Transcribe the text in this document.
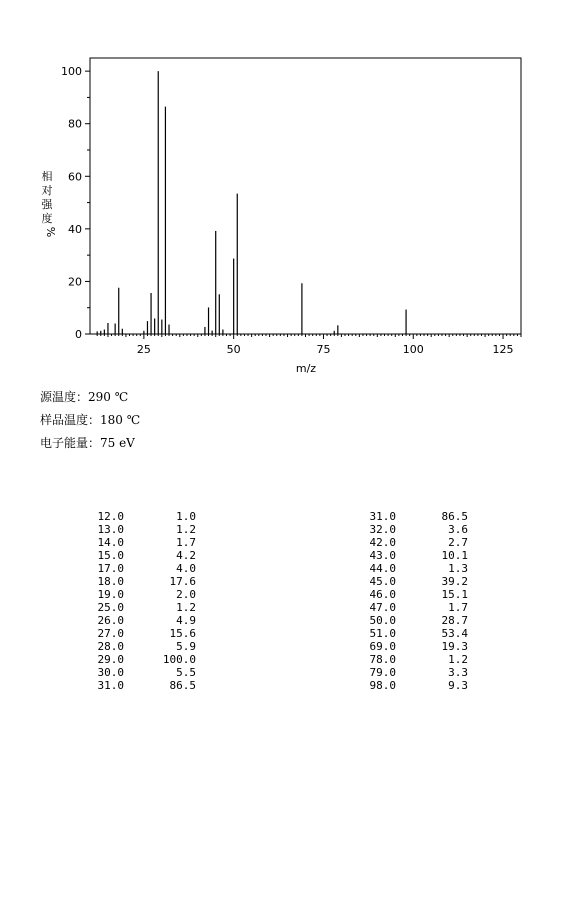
0
20
40
60
80
100
25	50	75	100	125
m/z
相
对
强
度
%
源温度：290 ℃
样品温度：180 ℃
电子能量：75 eV
12.0	1.0
13.0	1.2
14.0	1.7
15.0	4.2
17.0	4.0
18.0	17.6
19.0	2.0
25.0	1.2
26.0	4.9
27.0	15.6
28.0	5.9
29.0	100.0
30.0	5.5
31.0	86.5
31.0	86.5
32.0	3.6
42.0	2.7
43.0	10.1
44.0	1.3
45.0	39.2
46.0	15.1
47.0	1.7
50.0	28.7
51.0	53.4
69.0	19.3
78.0	1.2
79.0	3.3
98.0	9.3
